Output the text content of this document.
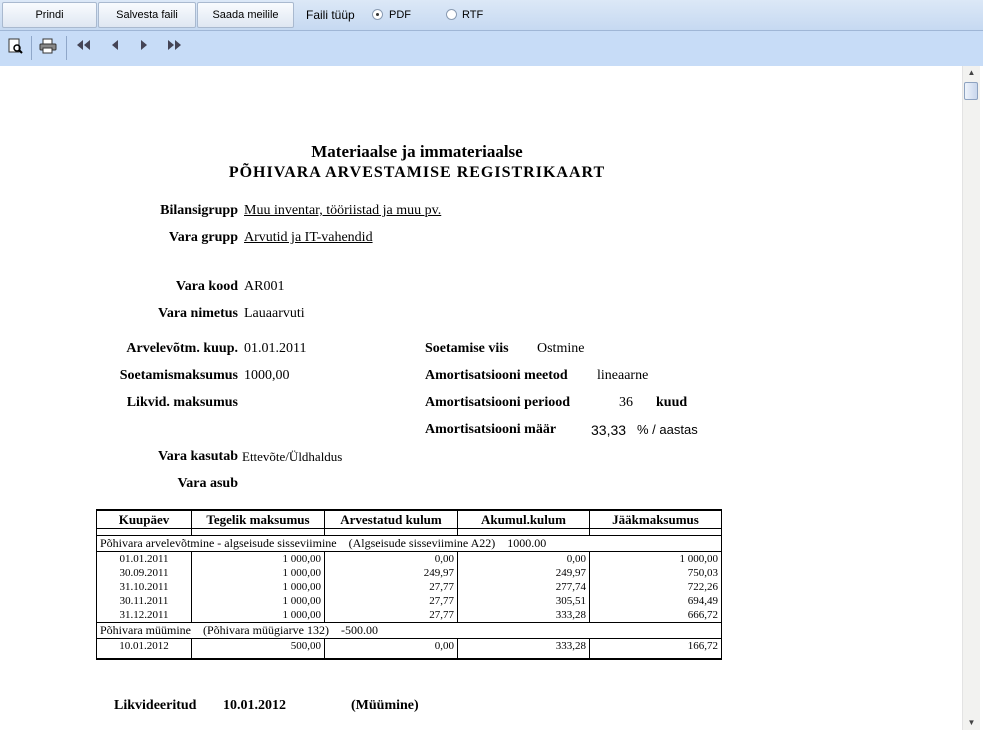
Prindi	Salvesta faili	Saada meilile	Faili tüüp	PDF	RTF
Materiaalse ja immateriaalse
PÕHIVARA ARVESTAMISE REGISTRIKAART
Bilansigrupp Muu inventar, tööriistad ja muu pv.
Vara grupp Arvutid ja IT-vahendid
Vara kood AR001
Vara nimetus Lauaarvuti
Arvelevõtm. kuup. 01.01.2011
Soetamismaksumus 1000,00
Likvid. maksumus
Soetamise viis Ostmine
Amortisatsiooni meetod lineaarne
Amortisatsiooni periood	36 kuud
Amortisatsiooni määr 33,33 % / aastas
Vara kasutab Ettevõte/Üldhaldus
Vara asub
Kuupäev	Tegelik maksumus	Arvestatud kulum	Akumul.kulum	Jääkmaksumus

Põhivara arvelevõtmine - algseisude sisseviimine    (Algseisude sisseviimine A22)    1000.00				
01.01.2011	1 000,00	0,00	0,00	1 000,00
30.09.2011	1 000,00	249,97	249,97	750,03
31.10.2011	1 000,00	27,77	277,74	722,26
30.11.2011	1 000,00	27,77	305,51	694,49
31.12.2011	1 000,00	27,77	333,28	666,72
Põhivara müümine    (Põhivara müügiarve 132)    -500.00				
10.01.2012	500,00	0,00	333,28	166,72

Likvideeritud 10.01.2012	(Müümine)
▲
▼
